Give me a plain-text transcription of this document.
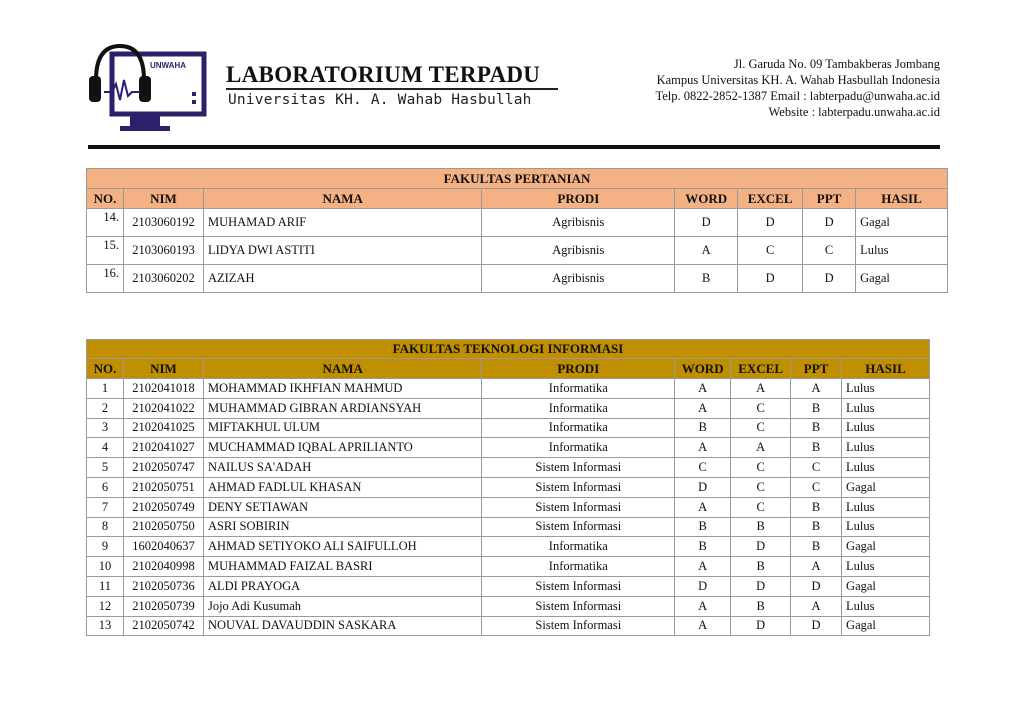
UNWAHA LABORATORIUM TERPADU
Universitas KH. A. Wahab Hasbullah
Jl. Garuda No. 09 Tambakberas Jombang
Kampus Universitas KH. A. Wahab Hasbullah Indonesia
Telp. 0822-2852-1387 Email : labterpadu@unwaha.ac.id
Website : labterpadu.unwaha.ac.id
FAKULTAS PERTANIAN							
NO.	NIM	NAMA	PRODI	WORD	EXCEL	PPT	HASIL
14.	2103060192	MUHAMAD ARIF	Agribisnis	D	D	D	Gagal
15.	2103060193	LIDYA DWI ASTITI	Agribisnis	A	C	C	Lulus
16.	2103060202	AZIZAH	Agribisnis	B	D	D	Gagal
FAKULTAS TEKNOLOGI INFORMASI							
NO.	NIM	NAMA	PRODI	WORD	EXCEL	PPT	HASIL
1	2102041018	MOHAMMAD IKHFIAN MAHMUD	Informatika	A	A	A	Lulus
2	2102041022	MUHAMMAD GIBRAN ARDIANSYAH	Informatika	A	C	B	Lulus
3	2102041025	MIFTAKHUL ULUM	Informatika	B	C	B	Lulus
4	2102041027	MUCHAMMAD IQBAL APRILIANTO	Informatika	A	A	B	Lulus
5	2102050747	NAILUS SA'ADAH	Sistem Informasi	C	C	C	Lulus
6	2102050751	AHMAD FADLUL KHASAN	Sistem Informasi	D	C	C	Gagal
7	2102050749	DENY SETIAWAN	Sistem Informasi	A	C	B	Lulus
8	2102050750	ASRI SOBIRIN	Sistem Informasi	B	B	B	Lulus
9	1602040637	AHMAD SETIYOKO ALI SAIFULLOH	Informatika	B	D	B	Gagal
10	2102040998	MUHAMMAD FAIZAL BASRI	Informatika	A	B	A	Lulus
11	2102050736	ALDI PRAYOGA	Sistem Informasi	D	D	D	Gagal
12	2102050739	Jojo Adi Kusumah	Sistem Informasi	A	B	A	Lulus
13	2102050742	NOUVAL DAVAUDDIN SASKARA	Sistem Informasi	A	D	D	Gagal
